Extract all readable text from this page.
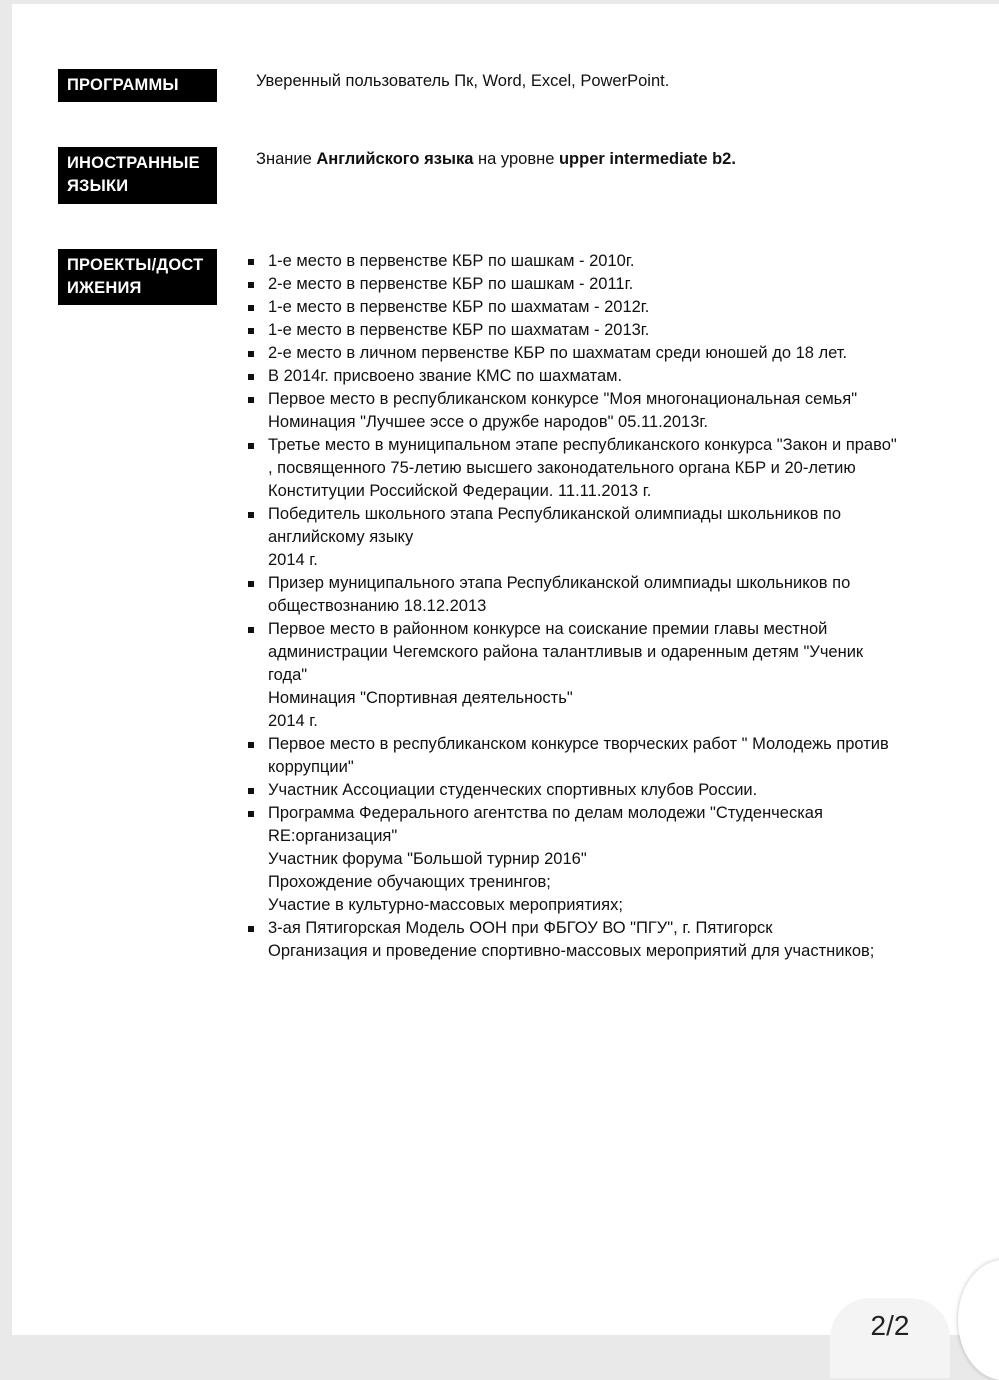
ПРОГРАММЫ	Уверенный пользователь Пк, Word, Excel, PowerPoint.
ИНОСТРАННЫЕ
ЯЗЫКИ
Знание Английского языка на уровне upper intermediate b2.
ПРОЕКТЫ/ДОСТ
ИЖЕНИЯ
1-е место в первенстве КБР по шашкам - 2010г.
2-е место в первенстве КБР по шашкам - 2011г.
1-е место в первенстве КБР по шахматам - 2012г.
1-е место в первенстве КБР по шахматам - 2013г.
2-е место в личном первенстве КБР по шахматам среди юношей до 18 лет.
В 2014г. присвоено звание КМС по шахматам.
Первое место в республиканском конкурсе "Моя многонациональная семья"
Номинация "Лучшее эссе о дружбе народов" 05.11.2013г.
Третье место в муниципальном этапе республиканского конкурса "Закон и право"
, посвященного 75-летию высшего законодательного органа КБР и 20-летию
Конституции Российской Федерации. 11.11.2013 г.
Победитель школьного этапа Республиканской олимпиады школьников по
английскому языку
2014 г.
Призер муниципального этапа Республиканской олимпиады школьников по
обществознанию 18.12.2013
Первое место в районном конкурсе на соискание премии главы местной
администрации Чегемского района талантливыв и одаренным детям "Ученик
года"
Номинация "Спортивная деятельность"
2014 г.
Первое место в республиканском конкурсе творческих работ " Молодежь против
коррупции"
Участник Ассоциации студенческих спортивных клубов России.
Программа Федерального агентства по делам молодежи "Студенческая
RE:организация"
Участник форума "Большой турнир 2016"
Прохождение обучающих тренингов;
Участие в культурно-массовых мероприятиях;
3-ая Пятигорская Модель ООН при ФБГОУ ВО "ПГУ", г. Пятигорск
Организация и проведение спортивно-массовых мероприятий для участников;
2/2
